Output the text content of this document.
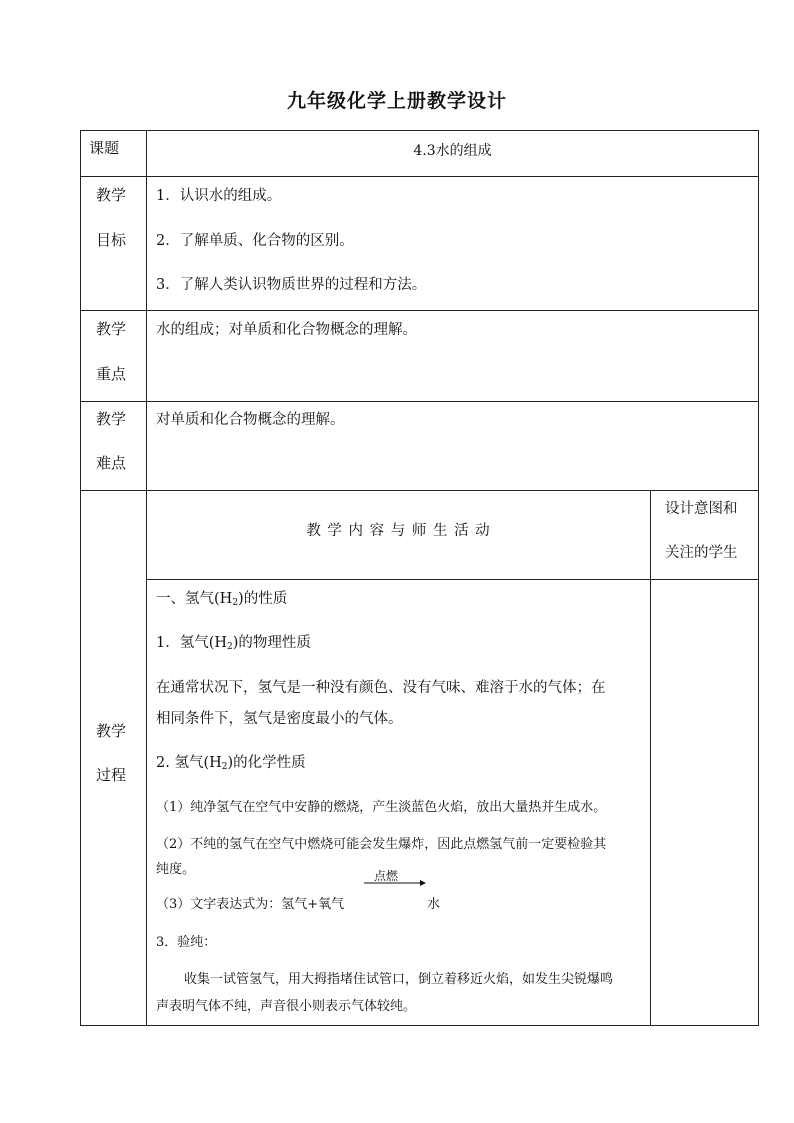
九年级化学上册教学设计
课题	4.3水的组成
教学
目标
1．认识水的组成。
2．了解单质、化合物的区别。
3．了解人类认识物质世界的过程和方法。
教学
重点
水的组成；对单质和化合物概念的理解。
教学
难点
对单质和化合物概念的理解。
教学
过程
教 学 内 容 与 师 生 活 动
设计意图和
关注的学生
一、氢气$(H_2)$的性质
1．氢气$(H_2)$的物理性质
在通常状况下，氢气是一种没有颜色、没有气味、难溶于水的气体；在
相同条件下，氢气是密度最小的气体。
2. 氢气$(H_2)$的化学性质
（1）纯净氢气在空气中安静的燃烧，产生淡蓝色火焰，放出大量热并生成水。
（2）不纯的氢气在空气中燃烧可能会发生爆炸，因此点燃氢气前一定要检验其
纯度。
（3）文字表达式为：氢气+氧气
点燃
水
3．验纯：
收集一试管氢气，用大拇指堵住试管口，倒立着移近火焰，如发生尖锐爆鸣
声表明气体不纯，声音很小则表示气体较纯。
